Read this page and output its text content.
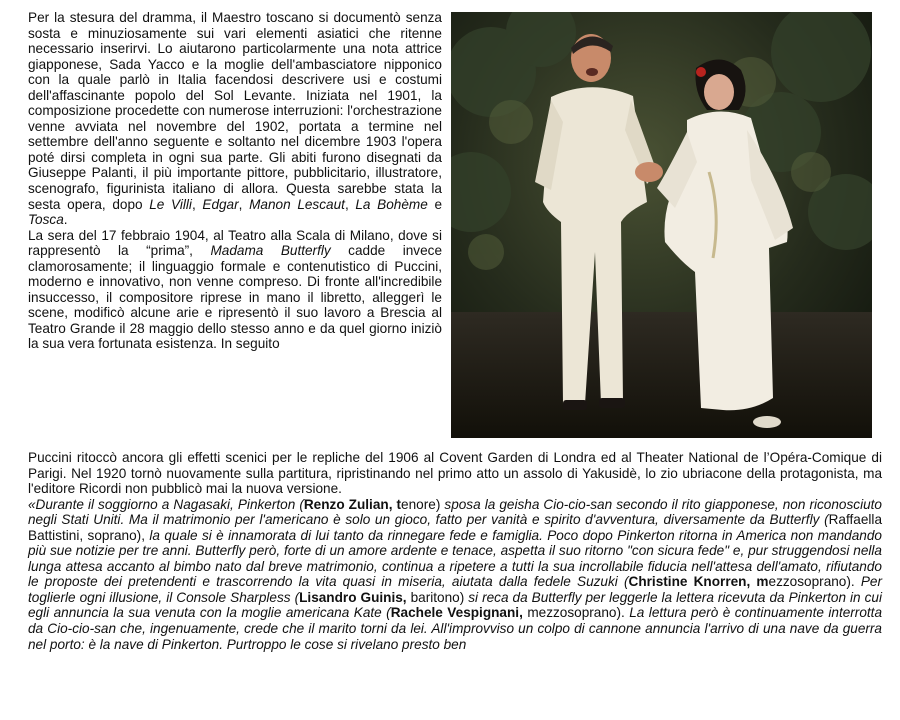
Per la stesura del dramma, il Maestro toscano si documentò senza sosta e minuziosamente sui vari elementi asiatici che ritenne necessario inserirvi. Lo aiutarono particolarmente una nota attrice giapponese, Sada Yacco e la moglie dell'ambasciatore nipponico con la quale parlò in Italia facendosi descrivere usi e costumi dell'affascinante popolo del Sol Levante. Iniziata nel 1901, la composizione procedette con numerose interruzioni: l'orchestrazione venne avviata nel novembre del 1902, portata a termine nel settembre dell'anno seguente e soltanto nel dicembre 1903 l'opera poté dirsi completa in ogni sua parte. Gli abiti furono disegnati da Giuseppe Palanti, il più importante pittore, pubblicitario, illustratore, scenografo, figurinista italiano di allora. Questa sarebbe stata la sesta opera, dopo Le Villi, Edgar, Manon Lescaut, La Bohème e Tosca.

La sera del 17 febbraio 1904, al Teatro alla Scala di Milano, dove si rappresentò la “prima”, Madama Butterfly cadde invece clamorosamente; il linguaggio formale e contenutistico di Puccini, moderno e innovativo, non venne compreso. Di fronte all'incredibile insuccesso, il compositore riprese in mano il libretto, alleggerì le scene, modificò alcune arie e ripresentò il suo lavoro a Brescia al Teatro Grande il 28 maggio dello stesso anno e da quel giorno iniziò la sua vera fortunata esistenza. In seguito

Puccini ritoccò ancora gli effetti scenici per le repliche del 1906 al Covent Garden di Londra ed al Theater National de l’Opéra-Comique di Parigi. Nel 1920 tornò nuovamente sulla partitura, ripristinando nel primo atto un assolo di Yakusidè, lo zio ubriacone della protagonista, ma l'editore Ricordi non pubblicò mai la nuova versione.

«Durante il soggiorno a Nagasaki, Pinkerton (Renzo Zulian, tenore) sposa la geisha Cio-cio-san secondo il rito giapponese, non riconosciuto negli Stati Uniti. Ma il matrimonio per l'americano è solo un gioco, fatto per vanità e spirito d'avventura, diversamente da Butterfly (Raffaella Battistini, soprano), la quale si è innamorata di lui tanto da rinnegare fede e famiglia. Poco dopo Pinkerton ritorna in America non mandando più sue notizie per tre anni. Butterfly però, forte di un amore ardente e tenace, aspetta il suo ritorno "con sicura fede" e, pur struggendosi nella lunga attesa accanto al bimbo nato dal breve matrimonio, continua a ripetere a tutti la sua incrollabile fiducia nell'attesa dell'amato, rifiutando le proposte dei pretendenti e trascorrendo la vita quasi in miseria, aiutata dalla fedele Suzuki (Christine Knorren, mezzosoprano). Per toglierle ogni illusione, il Console Sharpless (Lisandro Guinis, baritono) si reca da Butterfly per leggerle la lettera ricevuta da Pinkerton in cui egli annuncia la sua venuta con la moglie americana Kate (Rachele Vespignani, mezzosoprano). La lettura però è continuamente interrotta da Cio-cio-san che, ingenuamente, crede che il marito torni da lei. All'improvviso un colpo di cannone annuncia l'arrivo di una nave da guerra nel porto: è la nave di Pinkerton. Purtroppo le cose si rivelano presto ben
